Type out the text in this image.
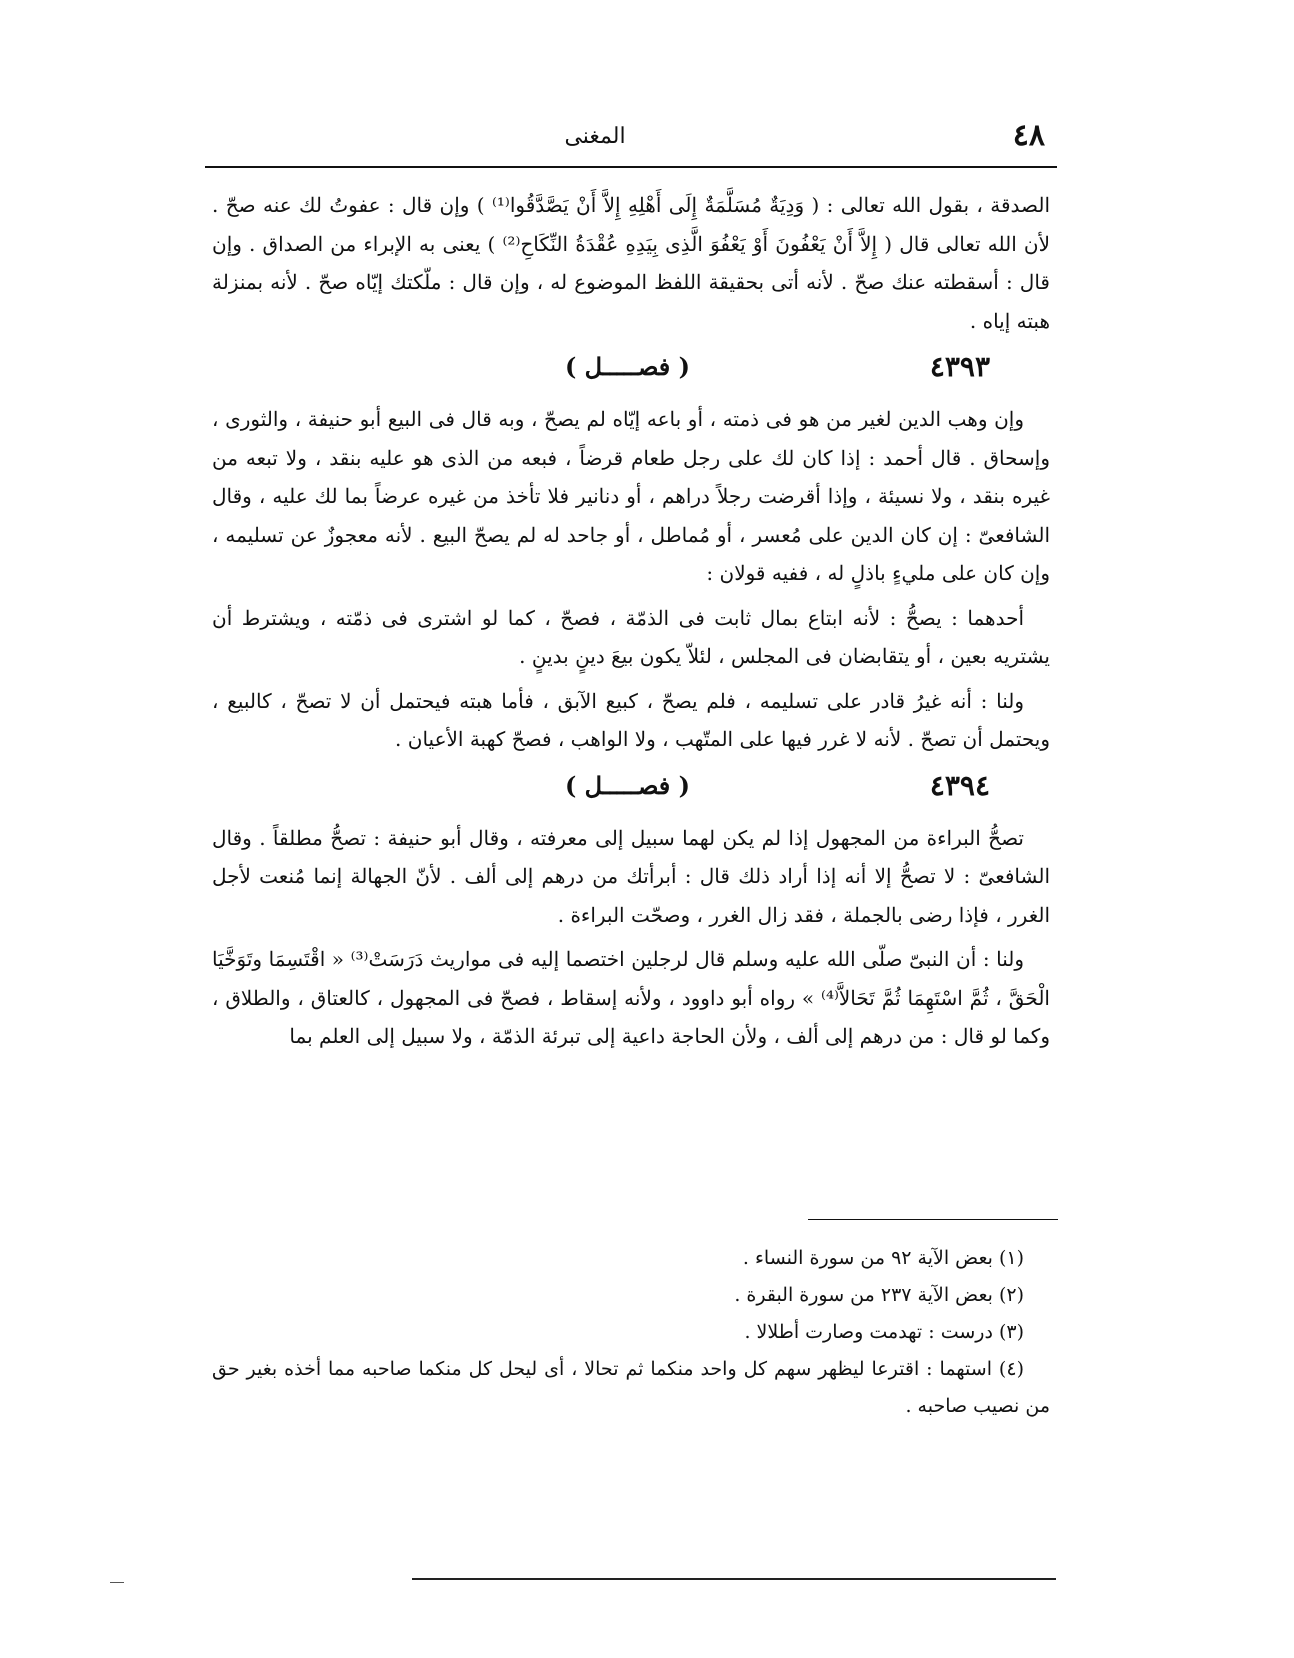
٤٨
المغنى

الصدقة ، بقول الله تعالى : ( وَدِيَةٌ مُسَلَّمَةٌ إِلَى أَهْلِهِ إِلاَّ أَنْ يَصَّدَّقُوا⁽¹⁾ ) وإن قال : عفوتُ لك عنه صحّ . لأن الله تعالى قال ( إِلاَّ أَنْ يَعْفُونَ أَوْ يَعْفُوَ الَّذِى بِيَدِهِ عُقْدَةُ النِّكَاحِ⁽²⁾ ) يعنى به الإبراء من الصداق . وإن قال : أسقطته عنك صحّ . لأنه أتى بحقيقة اللفظ الموضوع له ، وإن قال : ملّكتك إيّاه صحّ . لأنه بمنزلة هبته إياه .

٤٣٩٣
( فصـــــل )

وإن وهب الدين لغير من هو فى ذمته ، أو باعه إيّاه لم يصحّ ، وبه قال فى البيع أبو حنيفة ، والثورى ، وإسحاق . قال أحمد : إذا كان لك على رجل طعام قرضاً ، فبعه من الذى هو عليه بنقد ، ولا تبعه من غيره بنقد ، ولا نسيئة ، وإذا أقرضت رجلاً دراهم ، أو دنانير فلا تأخذ من غيره عرضاً بما لك عليه ، وقال الشافعىّ : إن كان الدين على مُعسر ، أو مُماطل ، أو جاحد له لم يصحّ البيع . لأنه معجوزٌ عن تسليمه ، وإن كان على مليءٍ باذلٍ له ، ففيه قولان :

أحدهما : يصحُّ : لأنه ابتاع بمال ثابت فى الذمّة ، فصحّ ، كما لو اشترى فى ذمّته ، ويشترط أن يشتريه بعين ، أو يتقابضان فى المجلس ، لئلاّ يكون بيعَ دينٍ بدينٍ .

ولنا : أنه غيرُ قادر على تسليمه ، فلم يصحّ ، كبيع الآبق ، فأما هبته فيحتمل أن لا تصحّ ، كالبيع ، ويحتمل أن تصحّ . لأنه لا غرر فيها على المتّهب ، ولا الواهب ، فصحّ كهبة الأعيان .

٤٣٩٤
( فصـــــل )

تصحُّ البراءة من المجهول إذا لم يكن لهما سبيل إلى معرفته ، وقال أبو حنيفة : تصحُّ مطلقاً . وقال الشافعىّ : لا تصحُّ إلا أنه إذا أراد ذلك قال : أبرأتك من درهم إلى ألف . لأنّ الجهالة إنما مُنعت لأجل الغرر ، فإذا رضى بالجملة ، فقد زال الغرر ، وصحّت البراءة .

ولنا : أن النبىّ صلّى الله عليه وسلم قال لرجلين اختصما إليه فى مواريث دَرَسَتْ⁽³⁾ « اقْتَسِمَا وتَوَخَّيَا الْحَقَّ ، ثُمَّ اسْتَهِمَا ثُمَّ تَحَالاَّ⁽⁴⁾ » رواه أبو داوود ، ولأنه إسقاط ، فصحّ فى المجهول ، كالعتاق ، والطلاق ، وكما لو قال : من درهم إلى ألف ، ولأن الحاجة داعية إلى تبرئة الذمّة ، ولا سبيل إلى العلم بما

(١) بعض الآية ٩٢ من سورة النساء .

(٢) بعض الآية ٢٣٧ من سورة البقرة .

(٣) درست : تهدمت وصارت أطلالا .

(٤) استهما : اقترعا ليظهر سهم كل واحد منكما ثم تحالا ، أى ليحل كل منكما صاحبه مما أخذه بغير حق من نصيب صاحبه .
